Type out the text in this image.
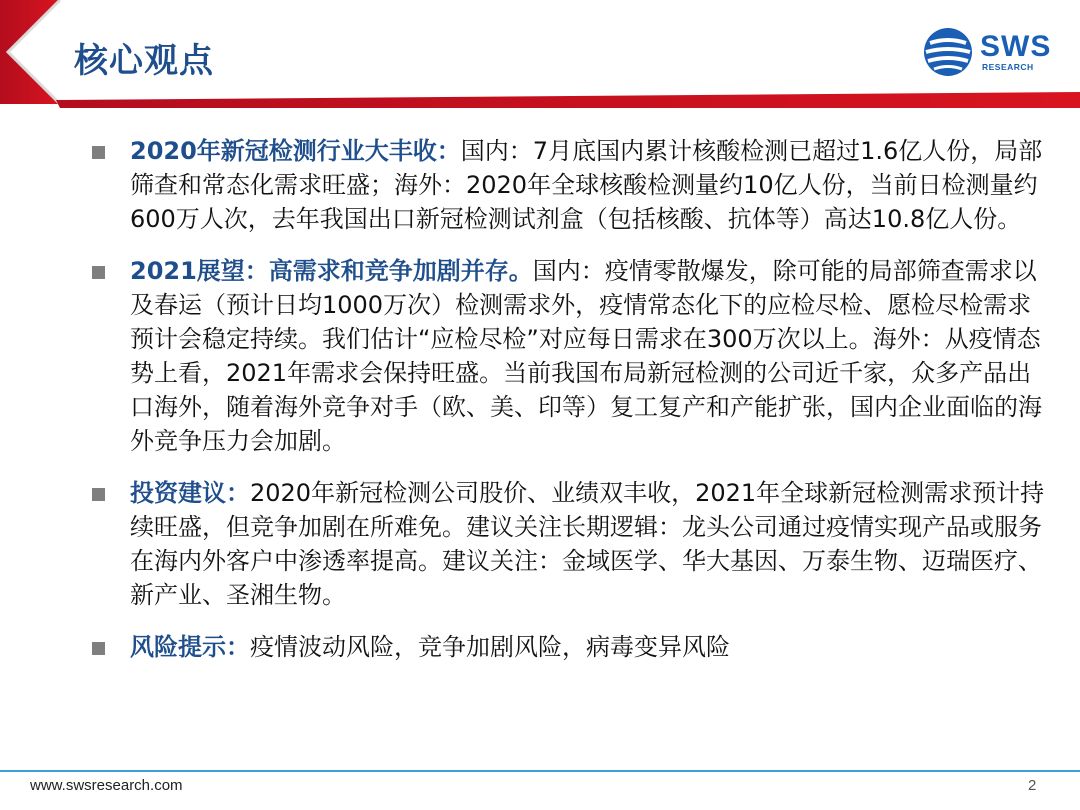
核心观点	SWS
RESEARCH
2020年新冠检测行业大丰收：国内：7月底国内累计核酸检测已超过1.6亿人份，局部筛查和常态化需求旺盛；海外：2020年全球核酸检测量约10亿人份，当前日检测量约600万人次，去年我国出口新冠检测试剂盒（包括核酸、抗体等）高达10.8亿人份。
2021展望：高需求和竞争加剧并存。国内：疫情零散爆发，除可能的局部筛查需求以及春运（预计日均1000万次）检测需求外，疫情常态化下的应检尽检、愿检尽检需求预计会稳定持续。我们估计“应检尽检”对应每日需求在300万次以上。海外：从疫情态势上看，2021年需求会保持旺盛。当前我国布局新冠检测的公司近千家，众多产品出口海外，随着海外竞争对手（欧、美、印等）复工复产和产能扩张，国内企业面临的海外竞争压力会加剧。
投资建议：2020年新冠检测公司股价、业绩双丰收，2021年全球新冠检测需求预计持续旺盛，但竞争加剧在所难免。建议关注长期逻辑：龙头公司通过疫情实现产品或服务在海内外客户中渗透率提高。建议关注：金域医学、华大基因、万泰生物、迈瑞医疗、新产业、圣湘生物。
风险提示：疫情波动风险，竞争加剧风险，病毒变异风险
www.swsresearch.com	2
